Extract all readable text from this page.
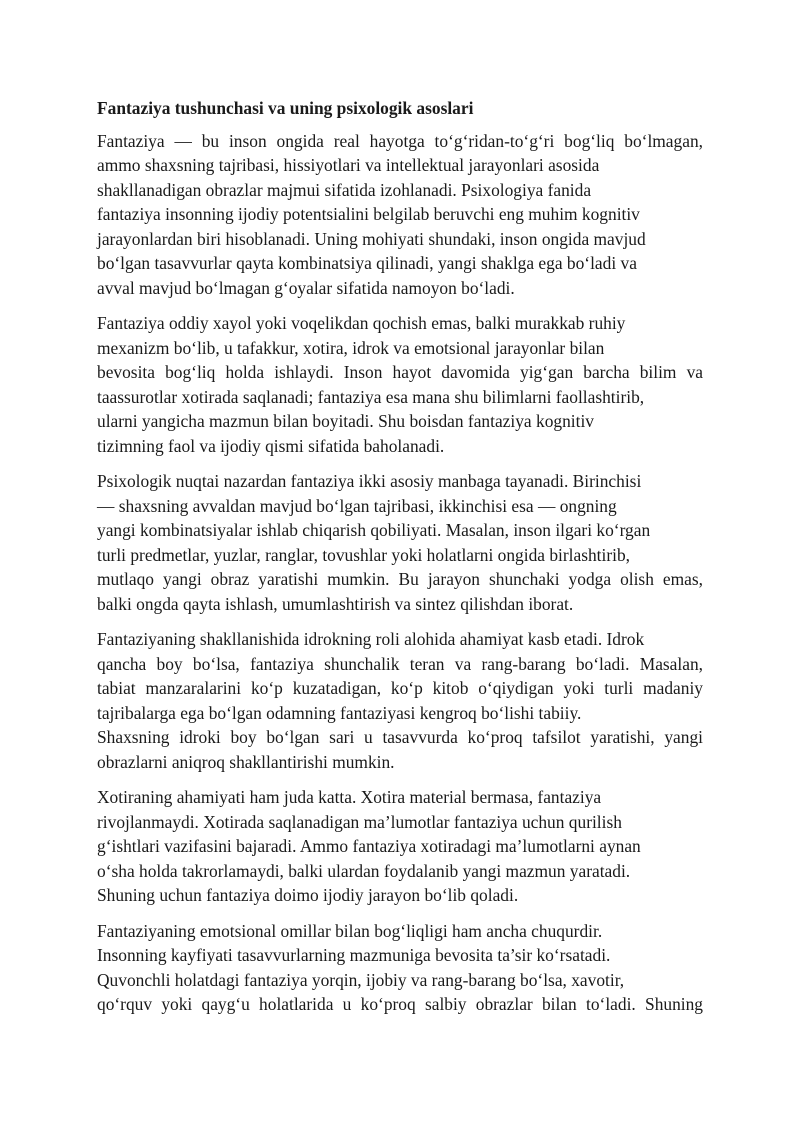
Fantaziya tushunchasi va uning psixologik asoslari

Fantaziya — bu inson ongida real hayotga to‘g‘ridan-to‘g‘ri bog‘liq bo‘lmagan,
ammo shaxsning tajribasi, hissiyotlari va intellektual jarayonlari asosida
shakllanadigan obrazlar majmui sifatida izohlanadi. Psixologiya fanida
fantaziya insonning ijodiy potentsialini belgilab beruvchi eng muhim kognitiv
jarayonlardan biri hisoblanadi. Uning mohiyati shundaki, inson ongida mavjud
bo‘lgan tasavvurlar qayta kombinatsiya qilinadi, yangi shaklga ega bo‘ladi va
avval mavjud bo‘lmagan g‘oyalar sifatida namoyon bo‘ladi.

Fantaziya oddiy xayol yoki voqelikdan qochish emas, balki murakkab ruhiy
mexanizm bo‘lib, u tafakkur, xotira, idrok va emotsional jarayonlar bilan
bevosita bog‘liq holda ishlaydi. Inson hayot davomida yig‘gan barcha bilim va
taassurotlar xotirada saqlanadi; fantaziya esa mana shu bilimlarni faollashtirib,
ularni yangicha mazmun bilan boyitadi. Shu boisdan fantaziya kognitiv
tizimning faol va ijodiy qismi sifatida baholanadi.

Psixologik nuqtai nazardan fantaziya ikki asosiy manbaga tayanadi. Birinchisi
— shaxsning avvaldan mavjud bo‘lgan tajribasi, ikkinchisi esa — ongning
yangi kombinatsiyalar ishlab chiqarish qobiliyati. Masalan, inson ilgari ko‘rgan
turli predmetlar, yuzlar, ranglar, tovushlar yoki holatlarni ongida birlashtirib,
mutlaqo yangi obraz yaratishi mumkin. Bu jarayon shunchaki yodga olish emas,
balki ongda qayta ishlash, umumlashtirish va sintez qilishdan iborat.

Fantaziyaning shakllanishida idrokning roli alohida ahamiyat kasb etadi. Idrok
qancha boy bo‘lsa, fantaziya shunchalik teran va rang-barang bo‘ladi. Masalan,
tabiat manzaralarini ko‘p kuzatadigan, ko‘p kitob o‘qiydigan yoki turli madaniy
tajribalarga ega bo‘lgan odamning fantaziyasi kengroq bo‘lishi tabiiy.
Shaxsning idroki boy bo‘lgan sari u tasavvurda ko‘proq tafsilot yaratishi, yangi
obrazlarni aniqroq shakllantirishi mumkin.

Xotiraning ahamiyati ham juda katta. Xotira material bermasa, fantaziya
rivojlanmaydi. Xotirada saqlanadigan ma’lumotlar fantaziya uchun qurilish
g‘ishtlari vazifasini bajaradi. Ammo fantaziya xotiradagi ma’lumotlarni aynan
o‘sha holda takrorlamaydi, balki ulardan foydalanib yangi mazmun yaratadi.
Shuning uchun fantaziya doimo ijodiy jarayon bo‘lib qoladi.

Fantaziyaning emotsional omillar bilan bog‘liqligi ham ancha chuqurdir.
Insonning kayfiyati tasavvurlarning mazmuniga bevosita ta’sir ko‘rsatadi.
Quvonchli holatdagi fantaziya yorqin, ijobiy va rang-barang bo‘lsa, xavotir,
qo‘rquv yoki qayg‘u holatlarida u ko‘proq salbiy obrazlar bilan to‘ladi. Shuning
